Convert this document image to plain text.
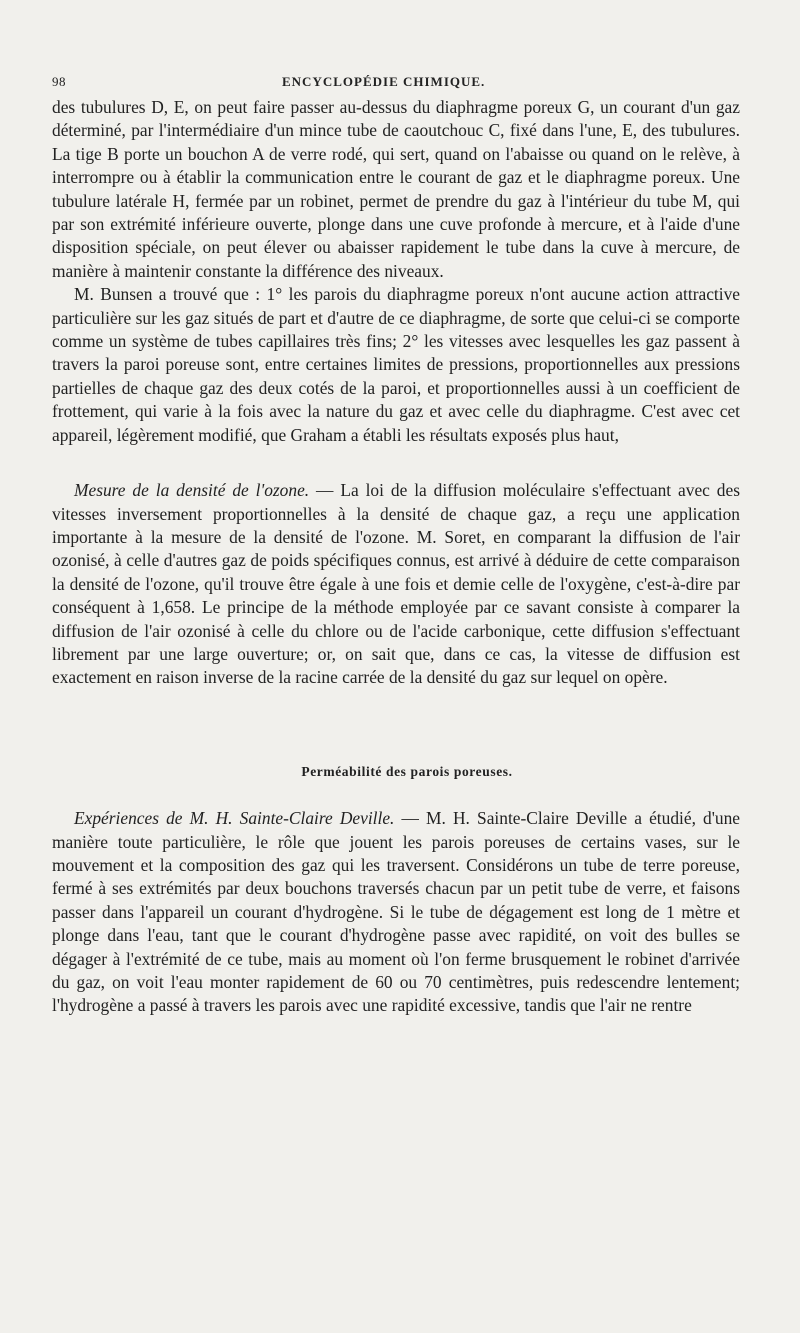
98	ENCYCLOPÉDIE CHIMIQUE.

des tubulures D, E, on peut faire passer au-dessus du diaphragme poreux G, un courant d'un gaz déterminé, par l'intermédiaire d'un mince tube de caoutchouc C, fixé dans l'une, E, des tubulures. La tige B porte un bouchon A de verre rodé, qui sert, quand on l'abaisse ou quand on le relève, à interrompre ou à établir la communication entre le courant de gaz et le diaphragme poreux. Une tubulure latérale H, fermée par un robinet, permet de prendre du gaz à l'intérieur du tube M, qui par son extrémité inférieure ouverte, plonge dans une cuve profonde à mercure, et à l'aide d'une disposition spéciale, on peut élever ou abaisser rapidement le tube dans la cuve à mercure, de manière à maintenir constante la différence des niveaux.

M. Bunsen a trouvé que : 1° les parois du diaphragme poreux n'ont aucune action attractive particulière sur les gaz situés de part et d'autre de ce diaphragme, de sorte que celui-ci se comporte comme un système de tubes capillaires très fins; 2° les vitesses avec lesquelles les gaz passent à travers la paroi poreuse sont, entre certaines limites de pressions, proportionnelles aux pressions partielles de chaque gaz des deux cotés de la paroi, et proportionnelles aussi à un coefficient de frottement, qui varie à la fois avec la nature du gaz et avec celle du diaphragme. C'est avec cet appareil, légèrement modifié, que Graham a établi les résultats exposés plus haut,

Mesure de la densité de l'ozone. — La loi de la diffusion moléculaire s'effectuant avec des vitesses inversement proportionnelles à la densité de chaque gaz, a reçu une application importante à la mesure de la densité de l'ozone. M. Soret, en comparant la diffusion de l'air ozonisé, à celle d'autres gaz de poids spécifiques connus, est arrivé à déduire de cette comparaison la densité de l'ozone, qu'il trouve être égale à une fois et demie celle de l'oxygène, c'est-à-dire par conséquent à 1,658. Le principe de la méthode employée par ce savant consiste à comparer la diffusion de l'air ozonisé à celle du chlore ou de l'acide carbonique, cette diffusion s'effectuant librement par une large ouverture; or, on sait que, dans ce cas, la vitesse de diffusion est exactement en raison inverse de la racine carrée de la densité du gaz sur lequel on opère.

Perméabilité des parois poreuses.

Expériences de M. H. Sainte-Claire Deville. — M. H. Sainte-Claire Deville a étudié, d'une manière toute particulière, le rôle que jouent les parois poreuses de certains vases, sur le mouvement et la composition des gaz qui les traversent. Considérons un tube de terre poreuse, fermé à ses extrémités par deux bouchons traversés chacun par un petit tube de verre, et faisons passer dans l'appareil un courant d'hydrogène. Si le tube de dégagement est long de 1 mètre et plonge dans l'eau, tant que le courant d'hydrogène passe avec rapidité, on voit des bulles se dégager à l'extrémité de ce tube, mais au moment où l'on ferme brusquement le robinet d'arrivée du gaz, on voit l'eau monter rapidement de 60 ou 70 centimètres, puis redescendre lentement; l'hydrogène a passé à travers les parois avec une rapidité excessive, tandis que l'air ne rentre
